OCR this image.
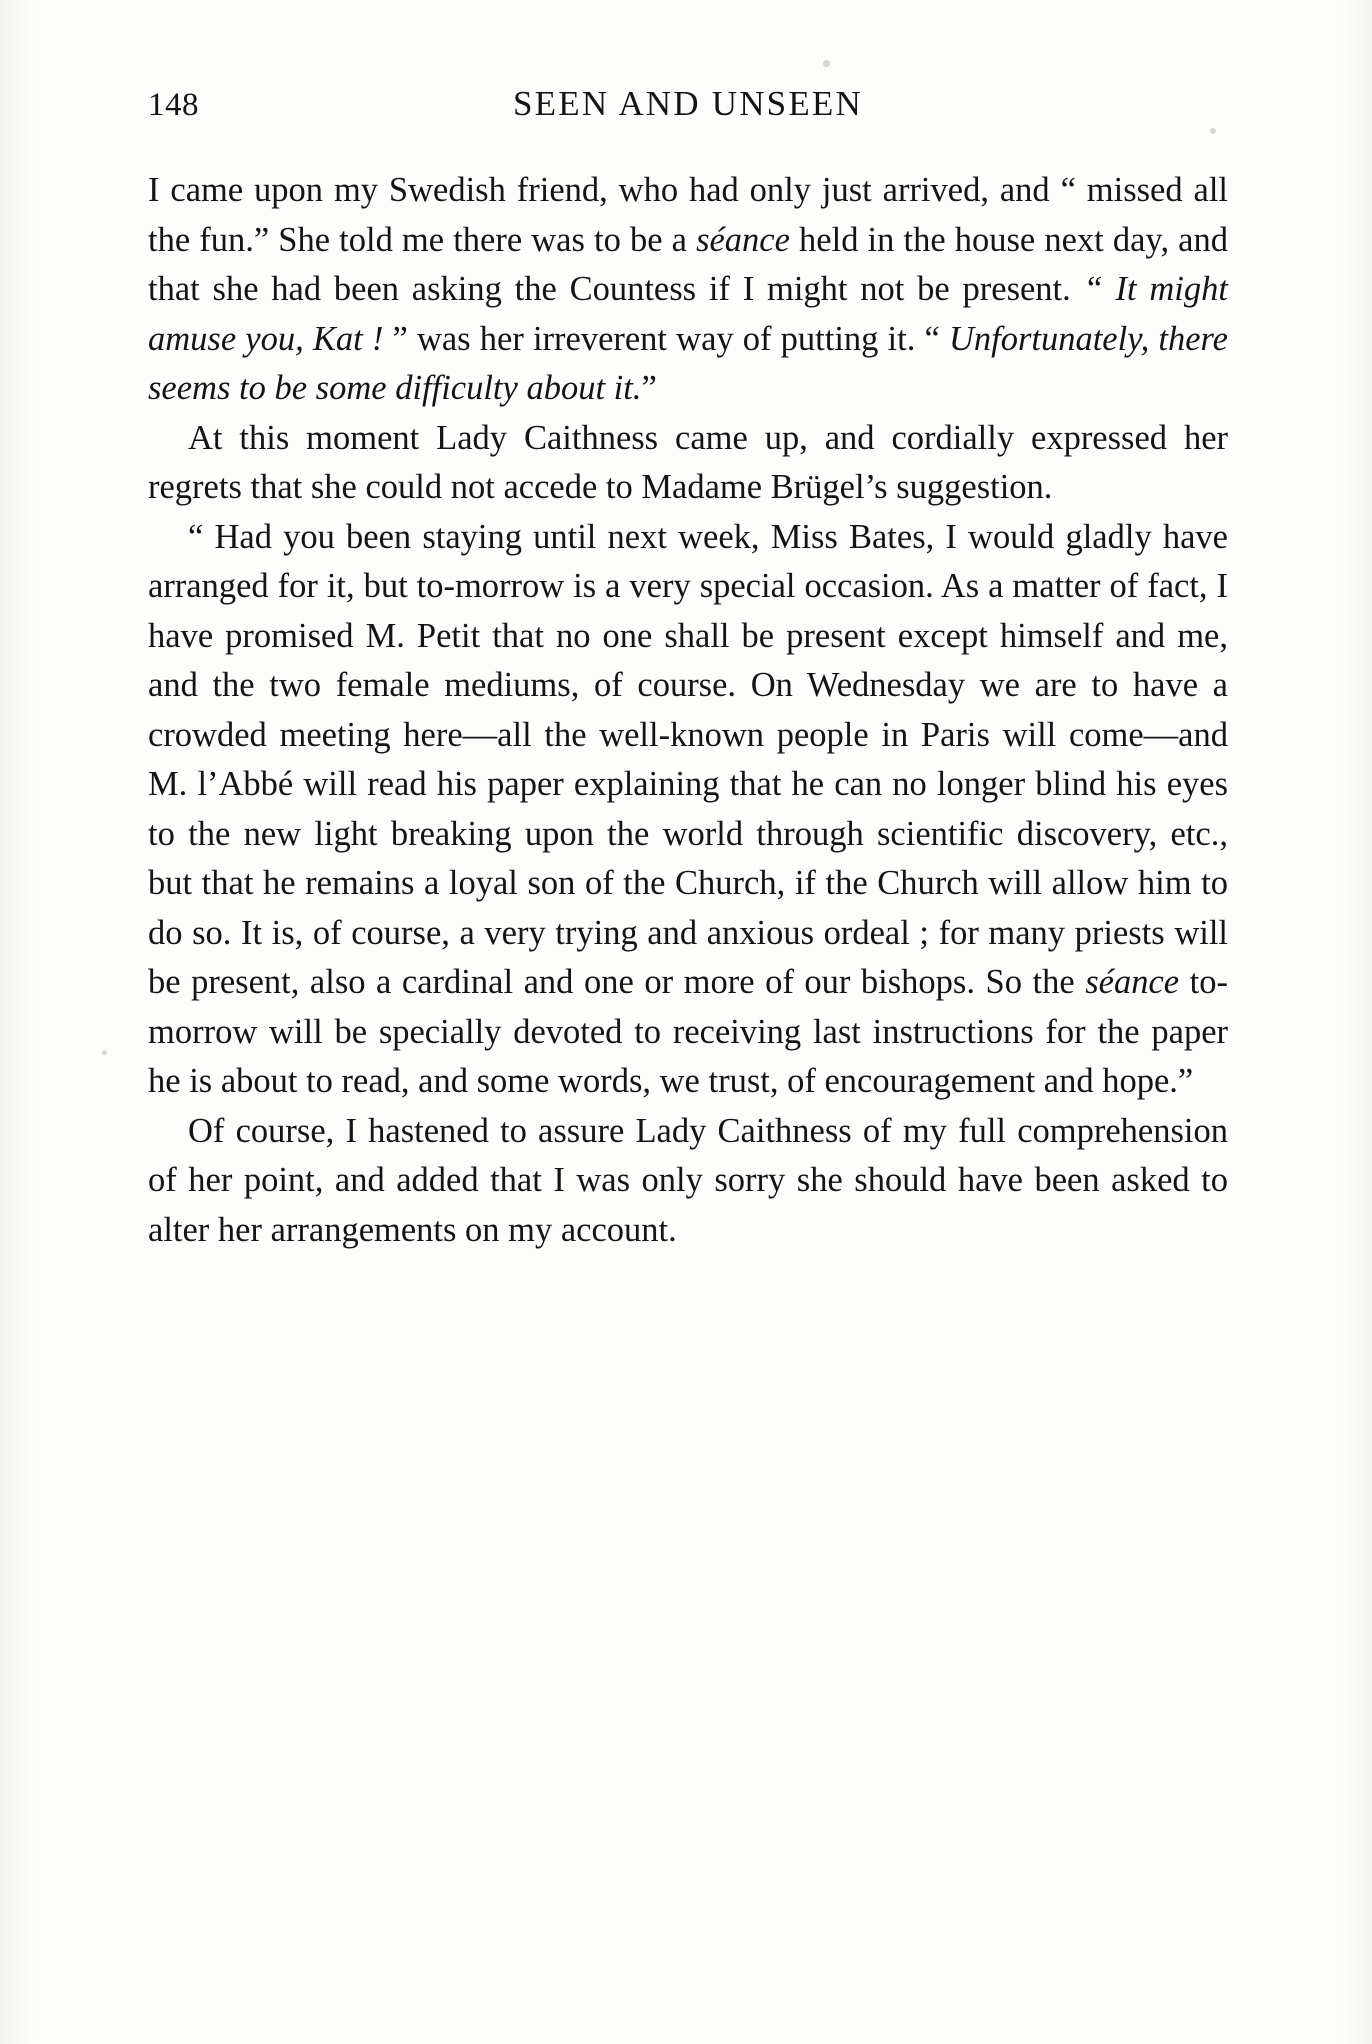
148	SEEN AND UNSEEN

I came upon my Swedish friend, who had only just arrived, and “ missed all the fun.” She told me there was to be a séance held in the house next day, and that she had been asking the Countess if I might not be present. “ It might amuse you, Kat ! ” was her irreverent way of putting it. “ Unfortunately, there seems to be some difficulty about it.”

At this moment Lady Caithness came up, and cordially expressed her regrets that she could not accede to Madame Brügel’s suggestion.

“ Had you been staying until next week, Miss Bates, I would gladly have arranged for it, but to-morrow is a very special occasion. As a matter of fact, I have promised M. Petit that no one shall be present except himself and me, and the two female mediums, of course. On Wednesday we are to have a crowded meeting here—all the well-known people in Paris will come—and M. l’Abbé will read his paper explaining that he can no longer blind his eyes to the new light breaking upon the world through scientific discovery, etc., but that he remains a loyal son of the Church, if the Church will allow him to do so. It is, of course, a very trying and anxious ordeal ; for many priests will be present, also a cardinal and one or more of our bishops. So the séance to-morrow will be specially devoted to receiving last instructions for the paper he is about to read, and some words, we trust, of encouragement and hope.”

Of course, I hastened to assure Lady Caithness of my full comprehension of her point, and added that I was only sorry she should have been asked to alter her arrangements on my account.
